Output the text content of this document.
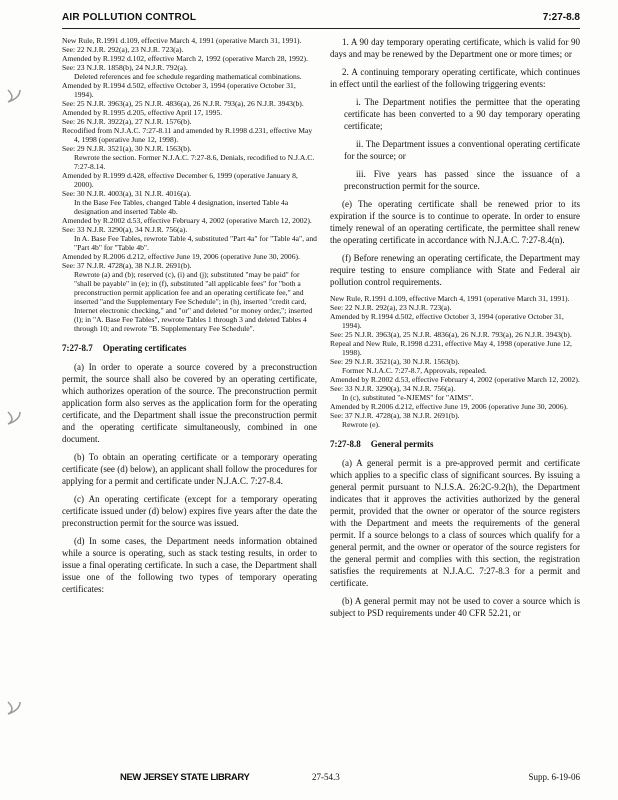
AIR POLLUTION CONTROL	7:27-8.8
New Rule, R.1991 d.109, effective March 4, 1991 (operative March 31, 1991).
See: 22 N.J.R. 292(a), 23 N.J.R. 723(a).
Amended by R.1992 d.102, effective March 2, 1992 (operative March 28, 1992).
See: 23 N.J.R. 1858(b), 24 N.J.R. 792(a).
Deleted references and fee schedule regarding mathematical combinations.
Amended by R.1994 d.502, effective October 3, 1994 (operative October 31, 1994).
See: 25 N.J.R. 3963(a), 25 N.J.R. 4836(a), 26 N.J.R. 793(a), 26 N.J.R. 3943(b).
Amended by R.1995 d.205, effective April 17, 1995.
See: 26 N.J.R. 3922(a), 27 N.J.R. 1576(b).
Recodified from N.J.A.C. 7:27-8.11 and amended by R.1998 d.231, effective May 4, 1998 (operative June 12, 1998).
See: 29 N.J.R. 3521(a), 30 N.J.R. 1563(b).
Rewrote the section. Former N.J.A.C. 7:27-8.6, Denials, recodified to N.J.A.C. 7:27-8.14.
Amended by R.1999 d.428, effective December 6, 1999 (operative January 8, 2000).
See: 30 N.J.R. 4003(a), 31 N.J.R. 4016(a).
In the Base Fee Tables, changed Table 4 designation, inserted Table 4a designation and inserted Table 4b.
Amended by R.2002 d.53, effective February 4, 2002 (operative March 12, 2002).
See: 33 N.J.R. 3290(a), 34 N.J.R. 756(a).
In A. Base Fee Tables, rewrote Table 4, substituted "Part 4a" for "Table 4a", and "Part 4b" for "Table 4b".
Amended by R.2006 d.212, effective June 19, 2006 (operative June 30, 2006).
See: 37 N.J.R. 4728(a), 38 N.J.R. 2691(b).
Rewrote (a) and (b); reserved (c), (i) and (j); substituted "may be paid" for "shall be payable" in (e); in (f), substituted "all applicable fees" for "both a preconstruction permit application fee and an operating certificate fee," and inserted "and the Supplementary Fee Schedule"; in (h), inserted "credit card, Internet electronic checking," and "or" and deleted "or money order,"; inserted (l); in "A. Base Fee Tables", rewrote Tables 1 through 3 and deleted Tables 4 through 10; and rewrote "B. Supplementary Fee Schedule".
7:27-8.7 Operating certificates

(a) In order to operate a source covered by a preconstruction permit, the source shall also be covered by an operating certificate, which authorizes operation of the source. The preconstruction permit application form also serves as the application form for the operating certificate, and the Department shall issue the preconstruction permit and the operating certificate simultaneously, combined in one document.

(b) To obtain an operating certificate or a temporary operating certificate (see (d) below), an applicant shall follow the procedures for applying for a permit and certificate under N.J.A.C. 7:27-8.4.

(c) An operating certificate (except for a temporary operating certificate issued under (d) below) expires five years after the date the preconstruction permit for the source was issued.

(d) In some cases, the Department needs information obtained while a source is operating, such as stack testing results, in order to issue a final operating certificate. In such a case, the Department shall issue one of the following two types of temporary operating certificates:

1. A 90 day temporary operating certificate, which is valid for 90 days and may be renewed by the Department one or more times; or

2. A continuing temporary operating certificate, which continues in effect until the earliest of the following triggering events:

i. The Department notifies the permittee that the operating certificate has been converted to a 90 day temporary operating certificate;

ii. The Department issues a conventional operating certificate for the source; or

iii. Five years has passed since the issuance of a preconstruction permit for the source.

(e) The operating certificate shall be renewed prior to its expiration if the source is to continue to operate. In order to ensure timely renewal of an operating certificate, the permittee shall renew the operating certificate in accordance with N.J.A.C. 7:27-8.4(n).

(f) Before renewing an operating certificate, the Department may require testing to ensure compliance with State and Federal air pollution control requirements.

New Rule, R.1991 d.109, effective March 4, 1991 (operative March 31, 1991).
See: 22 N.J.R. 292(a), 23 N.J.R. 723(a).
Amended by R.1994 d.502, effective October 3, 1994 (operative October 31, 1994).
See: 25 N.J.R. 3963(a), 25 N.J.R. 4836(a), 26 N.J.R. 793(a), 26 N.J.R. 3943(b).
Repeal and New Rule, R.1998 d.231, effective May 4, 1998 (operative June 12, 1998).
See: 29 N.J.R. 3521(a), 30 N.J.R. 1563(b).
Former N.J.A.C. 7:27-8.7, Approvals, repealed.
Amended by R.2002 d.53, effective February 4, 2002 (operative March 12, 2002).
See: 33 N.J.R. 3290(a), 34 N.J.R. 756(a).
In (c), substituted "e-NJEMS" for "AIMS".
Amended by R.2006 d.212, effective June 19, 2006 (operative June 30, 2006).
See: 37 N.J.R. 4728(a), 38 N.J.R. 2691(b).
Rewrote (e).
7:27-8.8 General permits

(a) A general permit is a pre-approved permit and certificate which applies to a specific class of significant sources. By issuing a general permit pursuant to N.J.S.A. 26:2C-9.2(h), the Department indicates that it approves the activities authorized by the general permit, provided that the owner or operator of the source registers with the Department and meets the requirements of the general permit. If a source belongs to a class of sources which qualify for a general permit, and the owner or operator of the source registers for the general permit and complies with this section, the registration satisfies the requirements at N.J.A.C. 7:27-8.3 for a permit and certificate.

(b) A general permit may not be used to cover a source which is subject to PSD requirements under 40 CFR 52.21, or

NEW JERSEY STATE LIBRARY	27-54.3	Supp. 6-19-06
